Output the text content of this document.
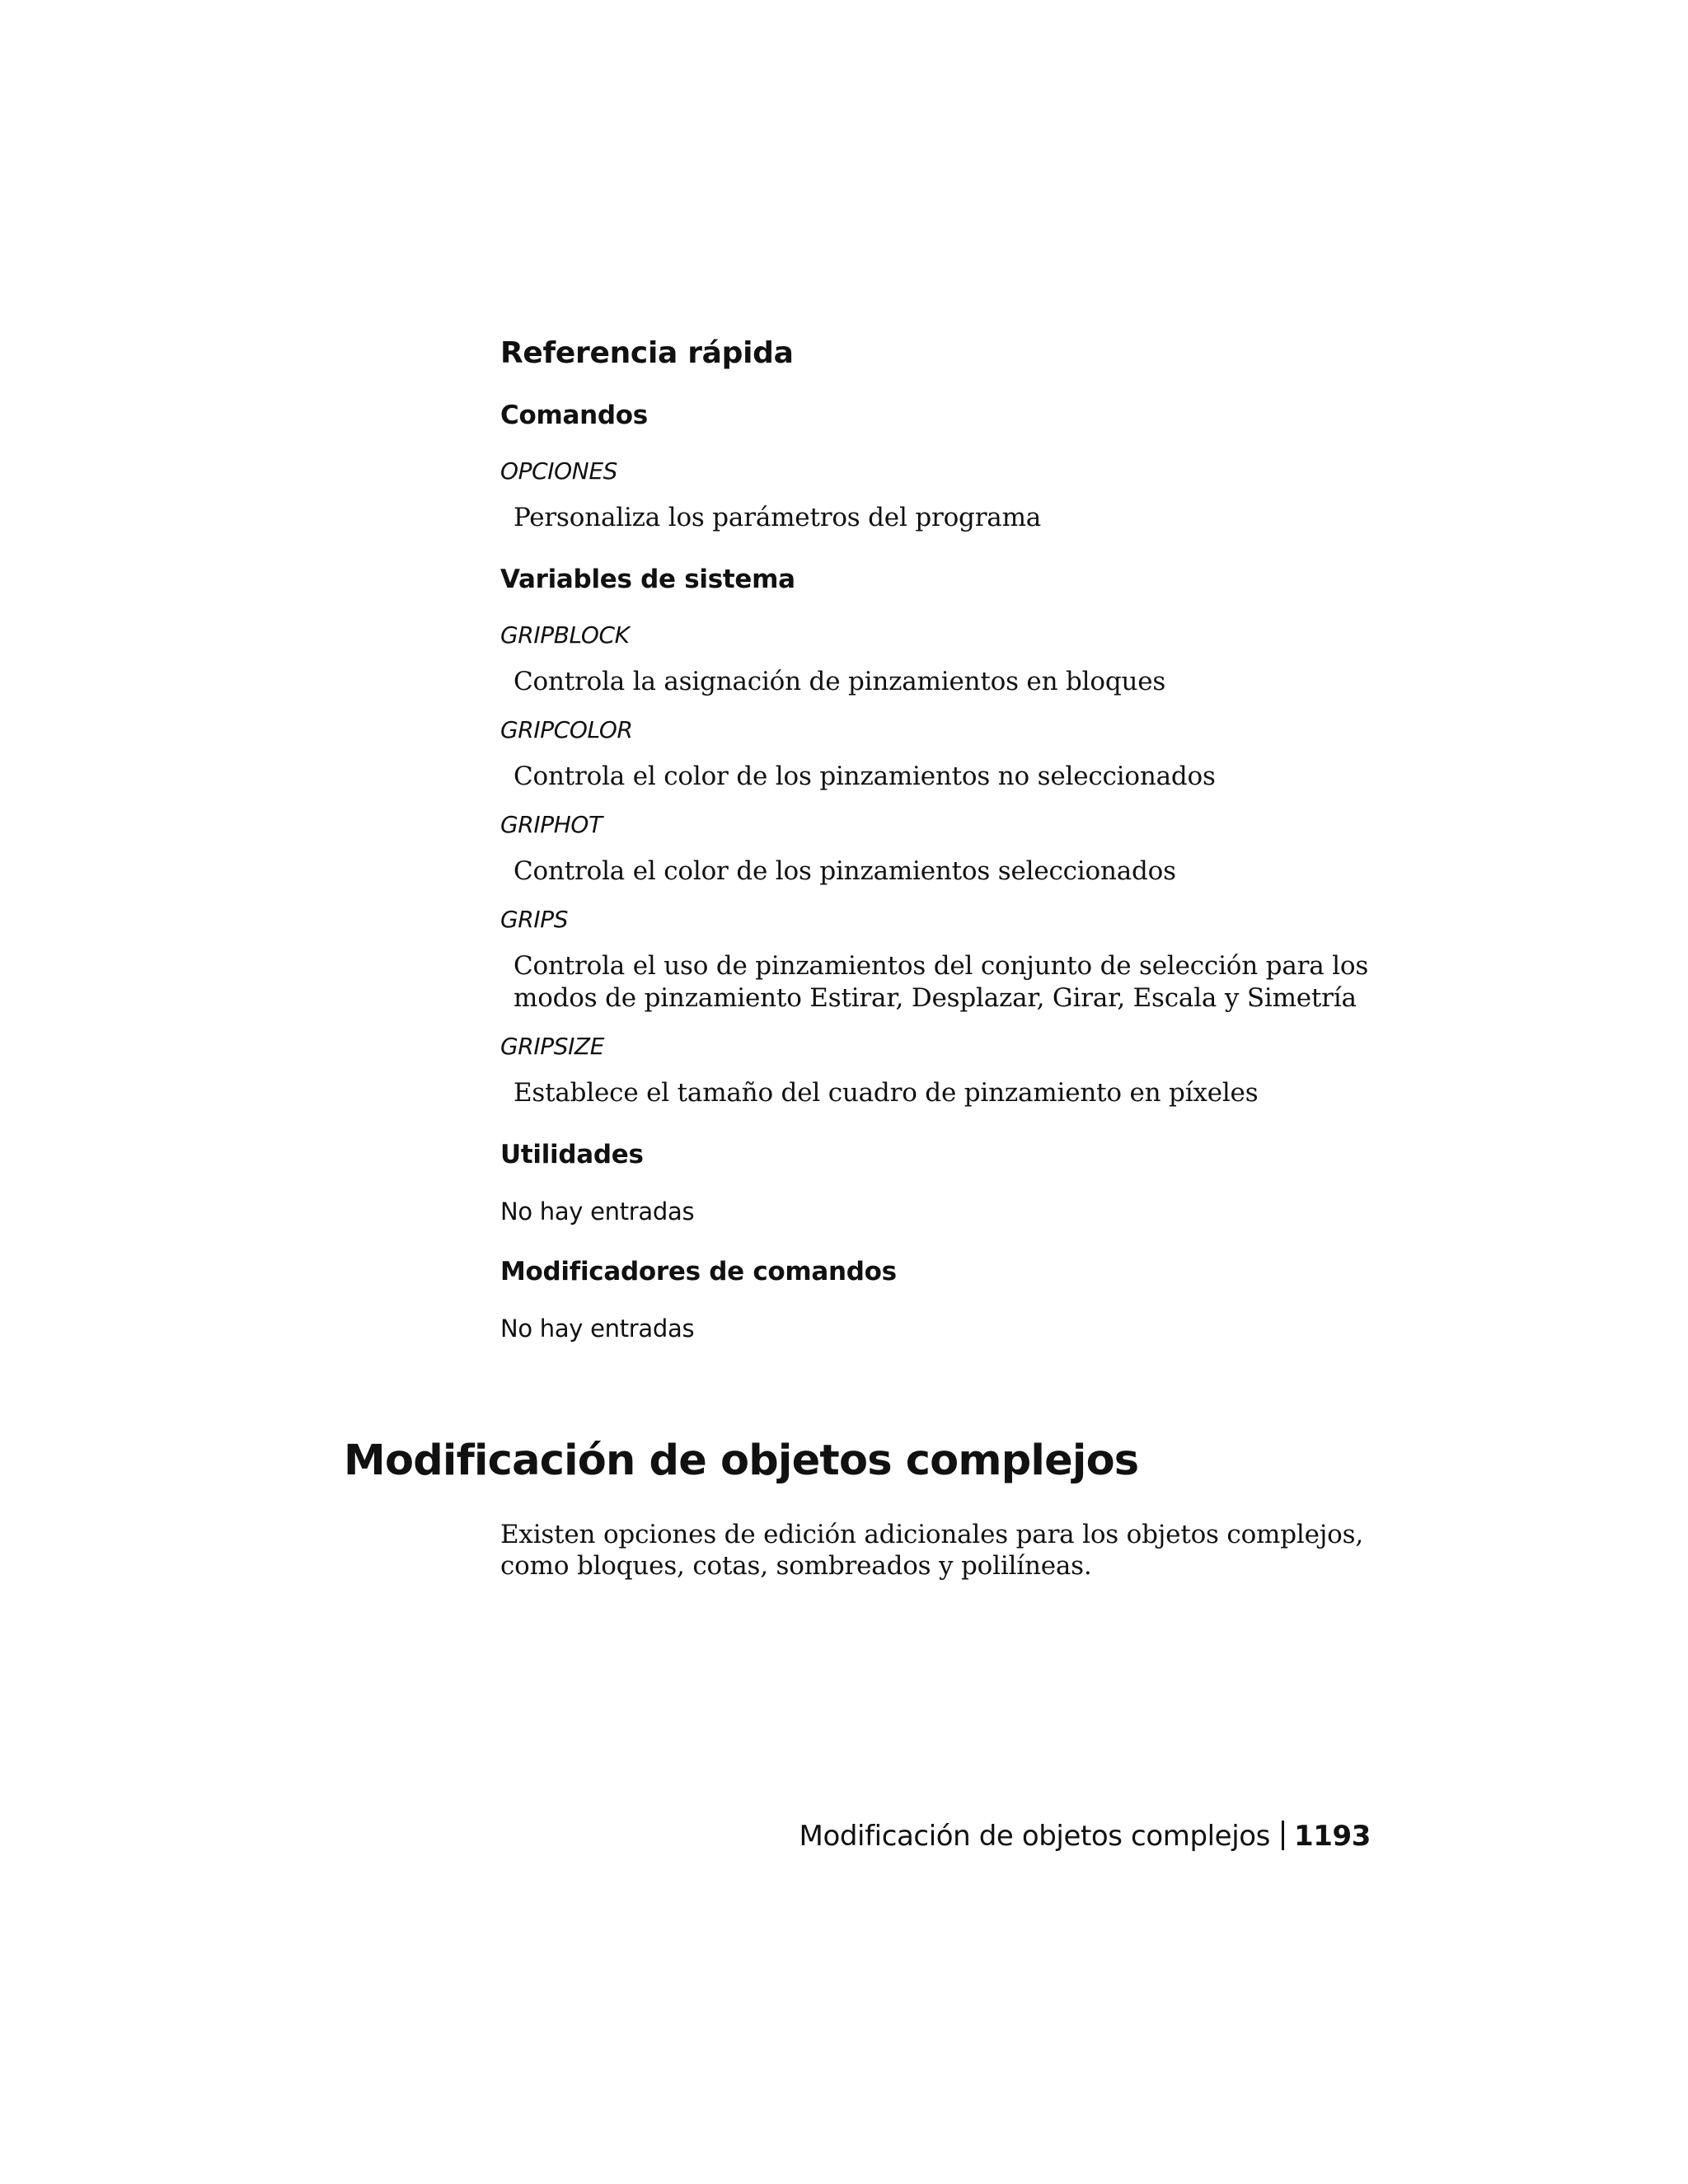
Referencia rápida
Comandos
OPCIONES
Personaliza los parámetros del programa
Variables de sistema
GRIPBLOCK
Controla la asignación de pinzamientos en bloques
GRIPCOLOR
Controla el color de los pinzamientos no seleccionados
GRIPHOT
Controla el color de los pinzamientos seleccionados
GRIPS
Controla el uso de pinzamientos del conjunto de selección para los modos de pinzamiento Estirar, Desplazar, Girar, Escala y Simetría
GRIPSIZE
Establece el tamaño del cuadro de pinzamiento en píxeles
Utilidades
No hay entradas
Modificadores de comandos
No hay entradas
Modificación de objetos complejos

Existen opciones de edición adicionales para los objetos complejos, como bloques, cotas, sombreados y polilíneas.

Modificación de objetos complejos 1193
